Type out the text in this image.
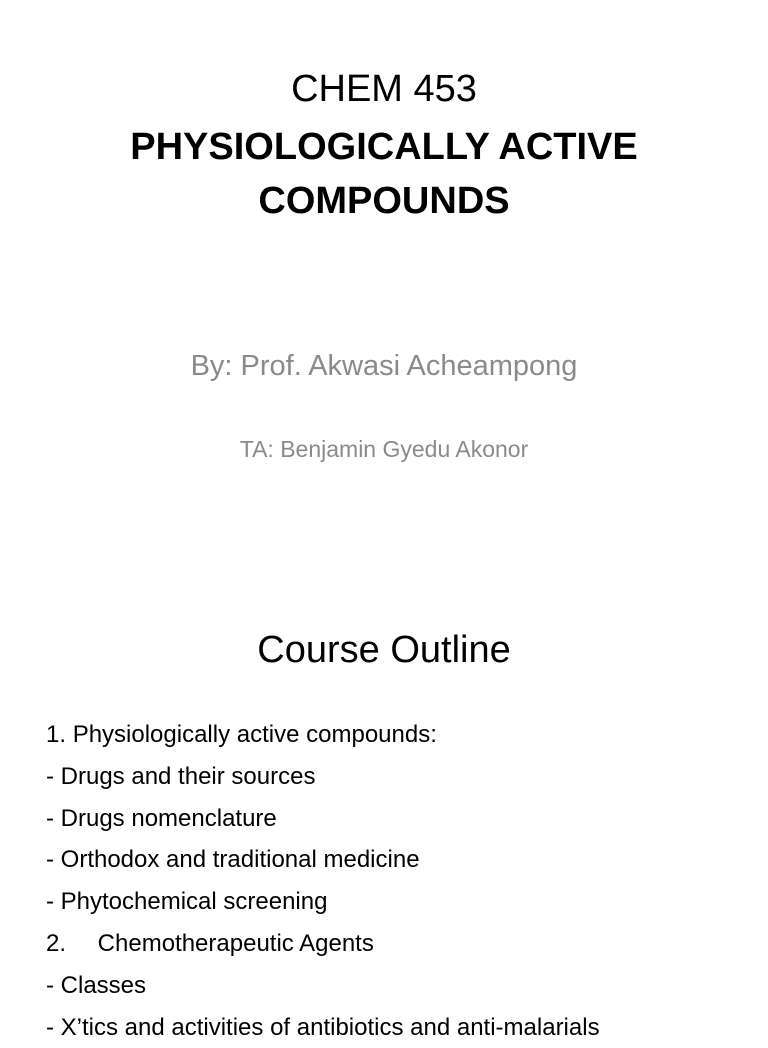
CHEM 453
PHYSIOLOGICALLY ACTIVE
COMPOUNDS
By: Prof. Akwasi Acheampong
TA: Benjamin Gyedu Akonor
Course Outline
1. Physiologically active compounds:
- Drugs and their sources
- Drugs nomenclature
- Orthodox and traditional medicine
- Phytochemical screening
2. Chemotherapeutic Agents
- Classes
- X’tics and activities of antibiotics and anti-malarials
